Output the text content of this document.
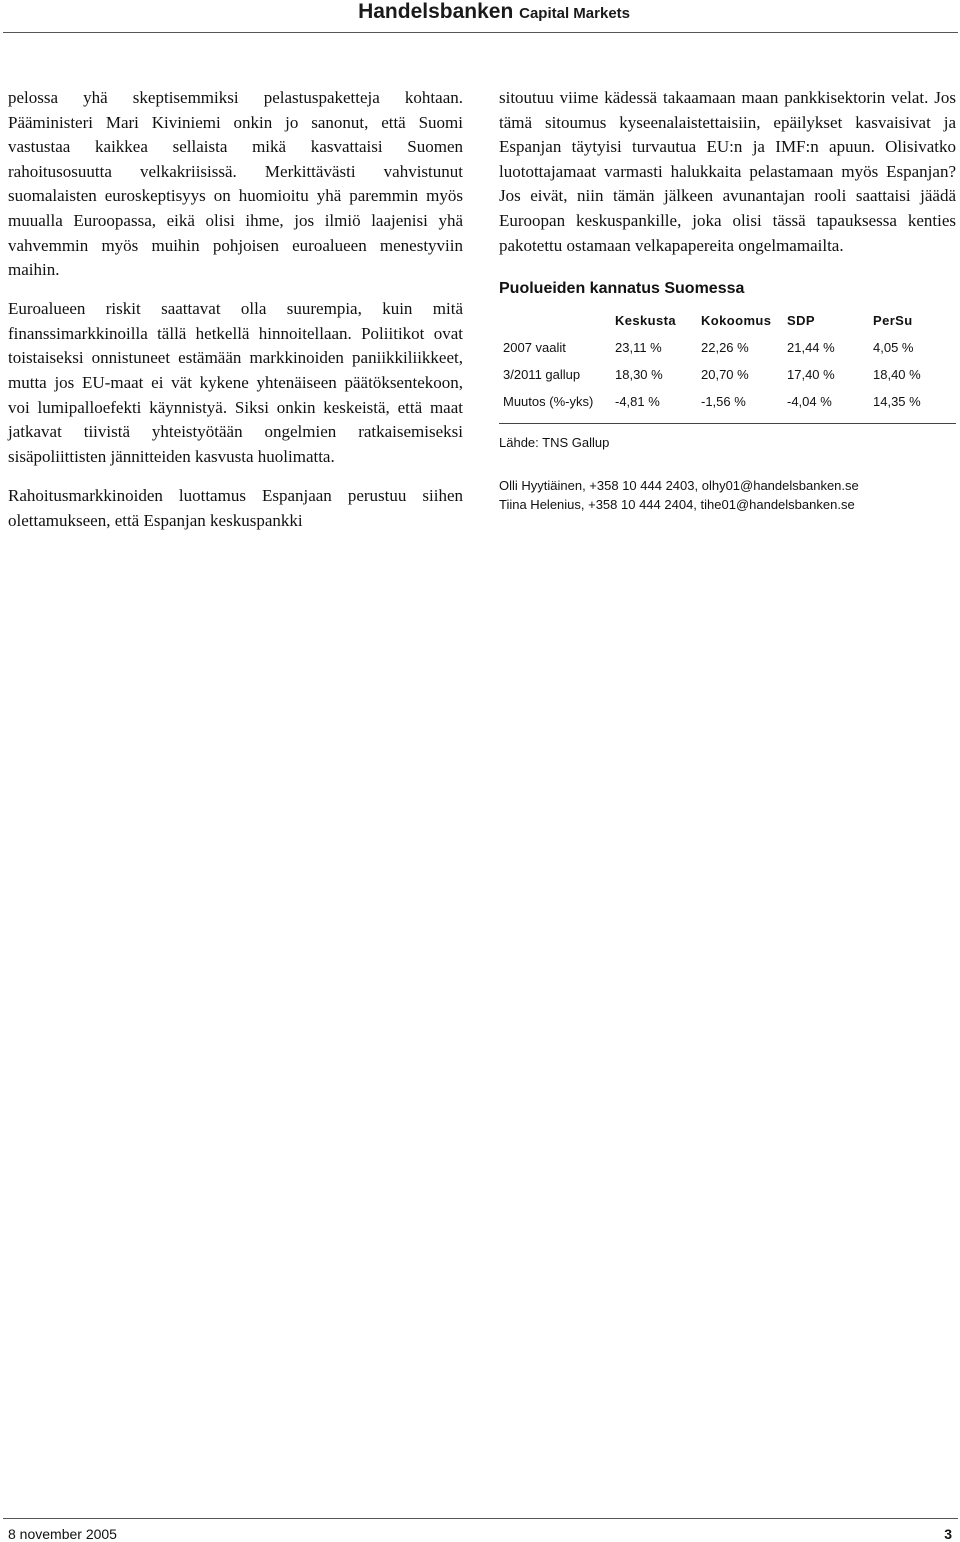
Handelsbanken Capital Markets

pelossa yhä skeptisemmiksi pelastuspaketteja kohtaan. Pääministeri Mari Kiviniemi onkin jo sanonut, että Suomi vastustaa kaikkea sellaista mikä kasvattaisi Suomen rahoitusosuutta velkakriisissä. Merkittävästi vahvistunut suomalaisten euroskeptisyys on huomioitu yhä paremmin myös muualla Euroopassa, eikä olisi ihme, jos ilmiö laajenisi yhä vahvemmin myös muihin pohjoisen euroalueen menestyviin maihin.

Euroalueen riskit saattavat olla suurempia, kuin mitä finanssimarkkinoilla tällä hetkellä hinnoitellaan. Poliitikot ovat toistaiseksi onnistuneet estämään markkinoiden paniikkiliikkeet, mutta jos EU-maat ei vät kykene yhtenäiseen päätöksentekoon, voi lumipalloefekti käynnistyä. Siksi onkin keskeistä, että maat jatkavat tiivistä yhteistyötään ongelmien ratkaisemiseksi sisäpoliittisten jännitteiden kasvusta huolimatta.

Rahoitusmarkkinoiden luottamus Espanjaan perustuu siihen olettamukseen, että Espanjan keskuspankki

sitoutuu viime kädessä takaamaan maan pankkisektorin velat. Jos tämä sitoumus kyseenalaistettaisiin, epäilykset kasvaisivat ja Espanjan täytyisi turvautua EU:n ja IMF:n apuun. Olisivatko luotottajamaat varmasti halukkaita pelastamaan myös Espanjan? Jos eivät, niin tämän jälkeen avunantajan rooli saattaisi jäädä Euroopan keskuspankille, joka olisi tässä tapauksessa kenties pakotettu ostamaan velkapapereita ongelmamailta.

Puolueiden kannatus Suomessa
	Keskusta	Kokoomus	SDP	PerSu
2007 vaalit	23,11 %	22,26 %	21,44 %	4,05 %
3/2011 gallup	18,30 %	20,70 %	17,40 %	18,40 %
Muutos (%-yks)	-4,81 %	-1,56 %	-4,04 %	14,35 %
Lähde: TNS Gallup
Olli Hyytiäinen, +358 10 444 2403, olhy01@handelsbanken.se
Tiina Helenius, +358 10 444 2404, tihe01@handelsbanken.se
8 november 2005	3
